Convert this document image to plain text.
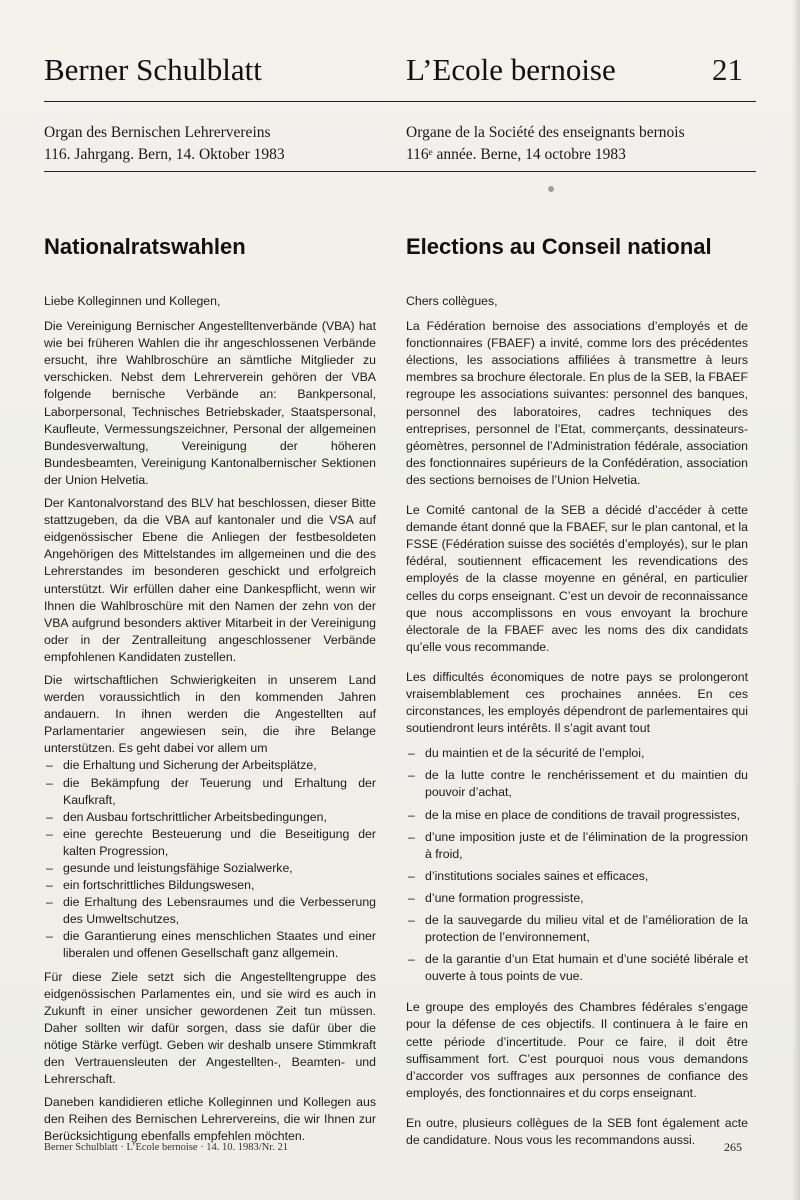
Berner Schulblatt	L’Ecole bernoise	21
Organ des Bernischen Lehrervereins
116. Jahrgang. Bern, 14. Oktober 1983
Organe de la Société des enseignants bernois
116ᵉ année. Berne, 14 octobre 1983
Nationalratswahlen	Elections au Conseil national

Liebe Kolleginnen und Kollegen,

Die Vereinigung Bernischer Angestelltenverbände (VBA) hat wie bei früheren Wahlen die ihr angeschlossenen Verbände ersucht, ihre Wahlbroschüre an sämtliche Mitglieder zu verschicken. Nebst dem Lehrerverein gehören der VBA folgende bernische Verbände an: Bankpersonal, Laborpersonal, Technisches Betriebskader, Staatspersonal, Kaufleute, Vermessungszeichner, Personal der allgemeinen Bundesverwaltung, Vereinigung der höheren Bundesbeamten, Vereinigung Kantonalbernischer Sektionen der Union Helvetia.

Der Kantonalvorstand des BLV hat beschlossen, dieser Bitte stattzugeben, da die VBA auf kantonaler und die VSA auf eidgenössischer Ebene die Anliegen der festbesoldeten Angehörigen des Mittelstandes im allgemeinen und die des Lehrerstandes im besonderen geschickt und erfolgreich unterstützt. Wir erfüllen daher eine Dankespflicht, wenn wir Ihnen die Wahlbroschüre mit den Namen der zehn von der VBA aufgrund besonders aktiver Mitarbeit in der Vereinigung oder in der Zentralleitung angeschlossener Verbände empfohlenen Kandidaten zustellen.

Die wirtschaftlichen Schwierigkeiten in unserem Land werden voraussichtlich in den kommenden Jahren andauern. In ihnen werden die Angestellten auf Parlamentarier angewiesen sein, die ihre Belange unterstützen. Es geht dabei vor allem um

– die Erhaltung und Sicherung der Arbeitsplätze,
– die Bekämpfung der Teuerung und Erhaltung der Kaufkraft,
– den Ausbau fortschrittlicher Arbeitsbedingungen,
– eine gerechte Besteuerung und die Beseitigung der kalten Progression,
– gesunde und leistungsfähige Sozialwerke,
– ein fortschrittliches Bildungswesen,
– die Erhaltung des Lebensraumes und die Verbesserung des Umweltschutzes,
– die Garantierung eines menschlichen Staates und einer liberalen und offenen Gesellschaft ganz allgemein.

Für diese Ziele setzt sich die Angestelltengruppe des eidgenössischen Parlamentes ein, und sie wird es auch in Zukunft in einer unsicher gewordenen Zeit tun müssen. Daher sollten wir dafür sorgen, dass sie dafür über die nötige Stärke verfügt. Geben wir deshalb unsere Stimmkraft den Vertrauensleuten der Angestellten-, Beamten- und Lehrerschaft.

Daneben kandidieren etliche Kolleginnen und Kollegen aus den Reihen des Bernischen Lehrervereins, die wir Ihnen zur Berücksichtigung ebenfalls empfehlen möchten.

Chers collègues,

La Fédération bernoise des associations d’employés et de fonctionnaires (FBAEF) a invité, comme lors des précédentes élections, les associations affiliées à transmettre à leurs membres sa brochure électorale. En plus de la SEB, la FBAEF regroupe les associations suivantes: personnel des banques, personnel des laboratoires, cadres techniques des entreprises, personnel de l’Etat, commerçants, dessinateurs-géomètres, personnel de l’Administration fédérale, association des fonctionnaires supérieurs de la Confédération, association des sections bernoises de l’Union Helvetia.

Le Comité cantonal de la SEB a décidé d’accéder à cette demande étant donné que la FBAEF, sur le plan cantonal, et la FSSE (Fédération suisse des sociétés d’employés), sur le plan fédéral, soutiennent efficacement les revendications des employés de la classe moyenne en général, en particulier celles du corps enseignant. C’est un devoir de reconnaissance que nous accomplissons en vous envoyant la brochure électorale de la FBAEF avec les noms des dix candidats qu’elle vous recommande.

Les difficultés économiques de notre pays se prolongeront vraisemblablement ces prochaines années. En ces circonstances, les employés dépendront de parlementaires qui soutiendront leurs intérêts. Il s’agit avant tout

– du maintien et de la sécurité de l’emploi,
– de la lutte contre le renchérissement et du maintien du pouvoir d’achat,
– de la mise en place de conditions de travail progressistes,
– d’une imposition juste et de l’élimination de la progression à froid,
– d’institutions sociales saines et efficaces,
– d’une formation progressiste,
– de la sauvegarde du milieu vital et de l’amélioration de la protection de l’environnement,
– de la garantie d’un Etat humain et d’une société libérale et ouverte à tous points de vue.

Le groupe des employés des Chambres fédérales s’engage pour la défense de ces objectifs. Il continuera à le faire en cette période d’incertitude. Pour ce faire, il doit être suffisamment fort. C’est pourquoi nous vous demandons d’accorder vos suffrages aux personnes de confiance des employés, des fonctionnaires et du corps enseignant.

En outre, plusieurs collègues de la SEB font également acte de candidature. Nous vous les recommandons aussi.

Berner Schulblatt · L’Ecole bernoise · 14. 10. 1983/Nr. 21	265
